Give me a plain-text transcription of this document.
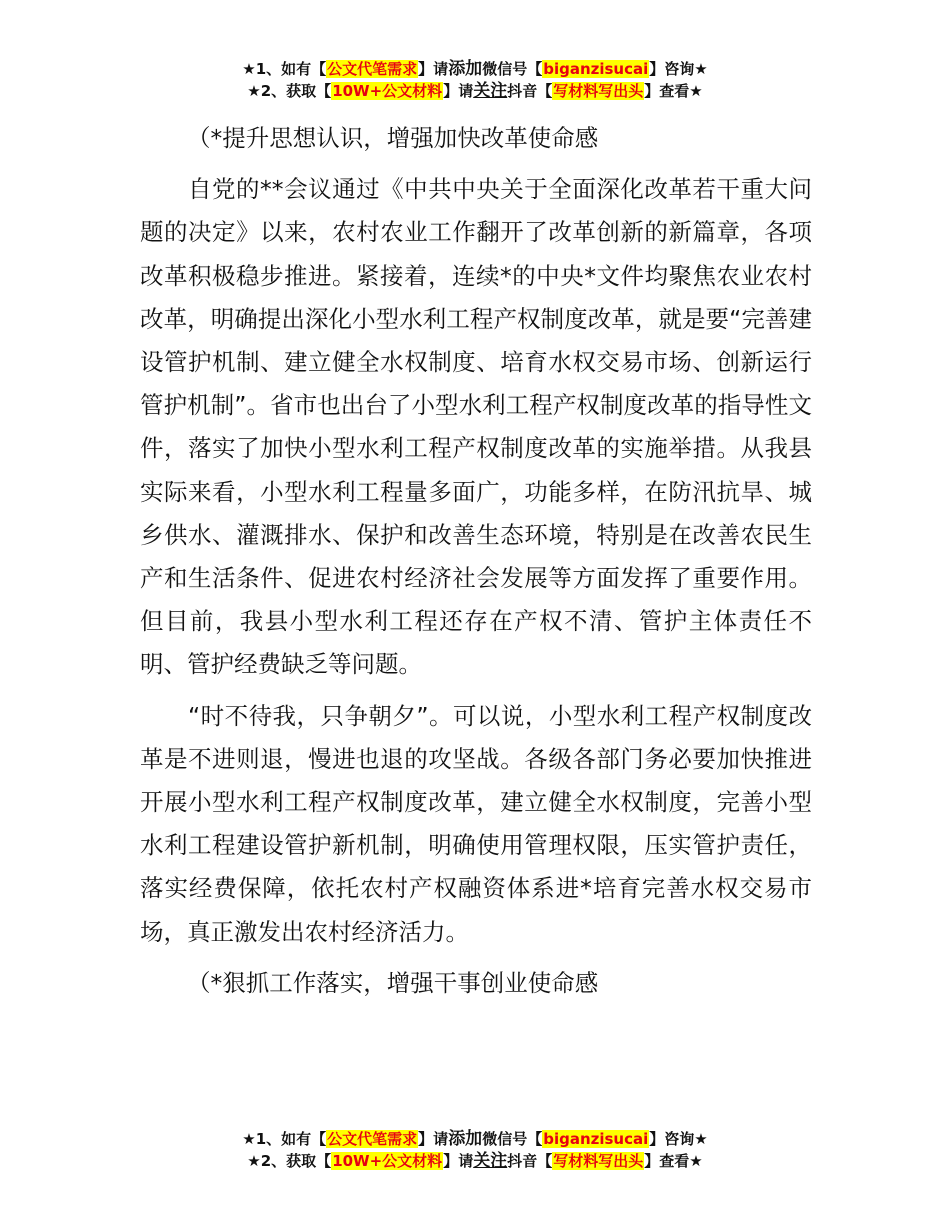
★1、如有【公文代笔需求】请添加微信号【biganzisucai】咨询★
★2、获取【10W+公文材料】请关注抖音【写材料写出头】查看★

（*提升思想认识，增强加快改革使命感

自党的**会议通过《中共中央关于全面深化改革若干重大问题的决定》以来，农村农业工作翻开了改革创新的新篇章，各项改革积极稳步推进。紧接着，连续*的中央*文件均聚焦农业农村改革，明确提出深化小型水利工程产权制度改革，就是要“完善建设管护机制、建立健全水权制度、培育水权交易市场、创新运行管护机制”。省市也出台了小型水利工程产权制度改革的指导性文件，落实了加快小型水利工程产权制度改革的实施举措。从我县实际来看，小型水利工程量多面广，功能多样，在防汛抗旱、城乡供水、灌溉排水、保护和改善生态环境，特别是在改善农民生产和生活条件、促进农村经济社会发展等方面发挥了重要作用。但目前，我县小型水利工程还存在产权不清、管护主体责任不明、管护经费缺乏等问题。

“时不待我，只争朝夕”。可以说，小型水利工程产权制度改革是不进则退，慢进也退的攻坚战。各级各部门务必要加快推进开展小型水利工程产权制度改革，建立健全水权制度，完善小型水利工程建设管护新机制，明确使用管理权限，压实管护责任，落实经费保障，依托农村产权融资体系进*培育完善水权交易市场，真正激发出农村经济活力。

（*狠抓工作落实，增强干事创业使命感

★1、如有【公文代笔需求】请添加微信号【biganzisucai】咨询★
★2、获取【10W+公文材料】请关注抖音【写材料写出头】查看★
